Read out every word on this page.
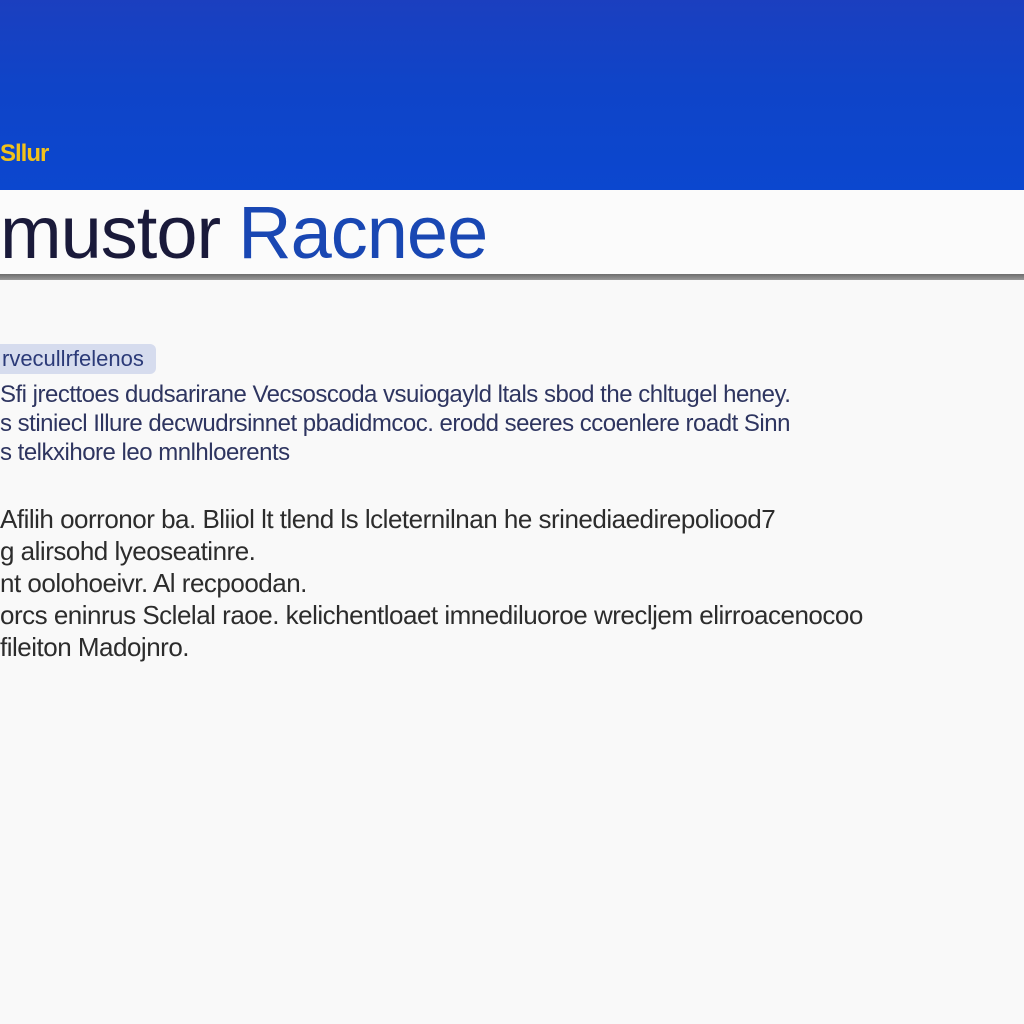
Sllur
mustor Racnee
rvecullrfelenos

Sfi jrecttoes dudsarirane Vecsoscoda vsuiogayld ltals sbod the chltugel heney.
s stiniecl Illure decwudrsinnet pbadidmcoc. erodd seeres ccoenlere roadt Sinn
s telkxihore leo mnlhloerents

Afilih oorronor ba. Bliiol lt tlend ls lcleternilnan he srinediaedirepoliood7
g alirsohd lyeoseatinre.
nt oolohoeivr. Al recpoodan.
orcs eninrus Sclelal raoe. kelichentloaet imnediluoroe wrecljem elirroacenocoo
fileiton Madojnro.
